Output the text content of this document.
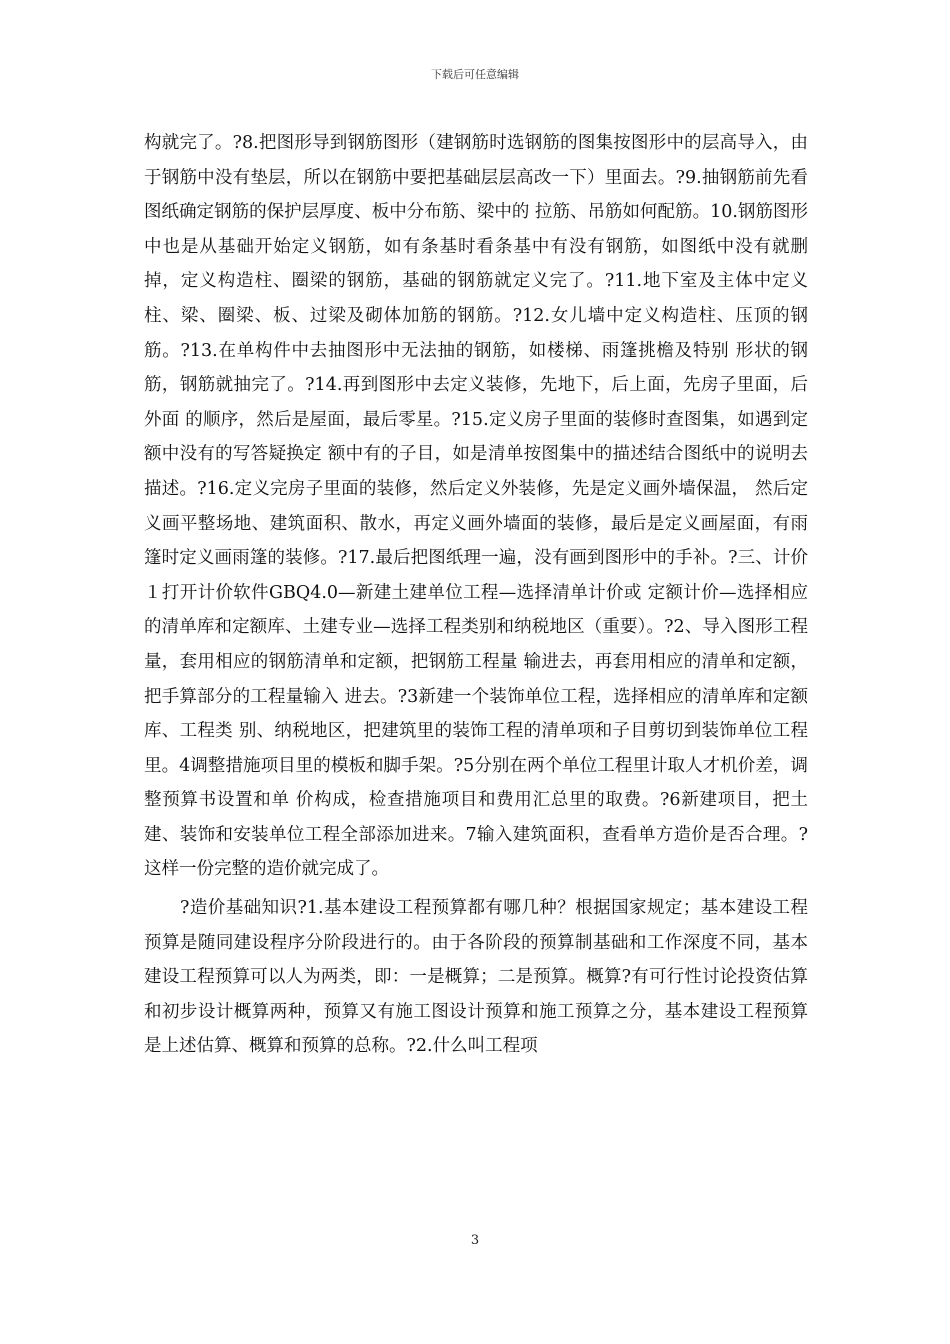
下载后可任意编辑

构就完了。?8.把图形导到钢筋图形（建钢筋时选钢筋的图集按图形中的层高导入，由于钢筋中没有垫层，所以在钢筋中要把基础层层高改一下）里面去。?9.抽钢筋前先看图纸确定钢筋的保护层厚度、板中分布筋、梁中的 拉筋、吊筋如何配筋。10.钢筋图形中也是从基础开始定义钢筋，如有条基时看条基中有没有钢筋，如图纸中没有就删掉，定义构造柱、圈梁的钢筋，基础的钢筋就定义完了。?11.地下室及主体中定义柱、梁、圈梁、板、过梁及砌体加筋的钢筋。?12.女儿墙中定义构造柱、压顶的钢筋。?13.在单构件中去抽图形中无法抽的钢筋，如楼梯、雨篷挑檐及特别 形状的钢筋，钢筋就抽完了。?14.再到图形中去定义装修，先地下，后上面，先房子里面，后外面 的顺序，然后是屋面，最后零星。?15.定义房子里面的装修时查图集，如遇到定额中没有的写答疑换定 额中有的子目，如是清单按图集中的描述结合图纸中的说明去描述。?16.定义完房子里面的装修，然后定义外装修，先是定义画外墙保温， 然后定义画平整场地、建筑面积、散水，再定义画外墙面的装修，最后是定义画屋面，有雨篷时定义画雨篷的装修。?17.最后把图纸理一遍，没有画到图形中的手补。?三、计价１打开计价软件GBQ4.0—新建土建单位工程—选择清单计价或 定额计价—选择相应的清单库和定额库、土建专业—选择工程类别和纳税地区（重要）。?2、导入图形工程量，套用相应的钢筋清单和定额，把钢筋工程量 输进去，再套用相应的清单和定额，把手算部分的工程量输入 进去。?3新建一个装饰单位工程，选择相应的清单库和定额库、工程类 别、纳税地区，把建筑里的装饰工程的清单项和子目剪切到装饰单位工程里。4调整措施项目里的模板和脚手架。?5分别在两个单位工程里计取人才机价差，调整预算书设置和单 价构成，检查措施项目和费用汇总里的取费。?6新建项目，把土建、装饰和安装单位工程全部添加进来。7输入建筑面积，查看单方造价是否合理。?这样一份完整的造价就完成了。

?造价基础知识?1.基本建设工程预算都有哪几种？根据国家规定；基本建设工程预算是随同建设程序分阶段进行的。由于各阶段的预算制基础和工作深度不同，基本建设工程预算可以人为两类，即：一是概算；二是预算。概算?有可行性讨论投资估算和初步设计概算两种，预算又有施工图设计预算和施工预算之分，基本建设工程预算是上述估算、概算和预算的总称。?2.什么叫工程项

3
